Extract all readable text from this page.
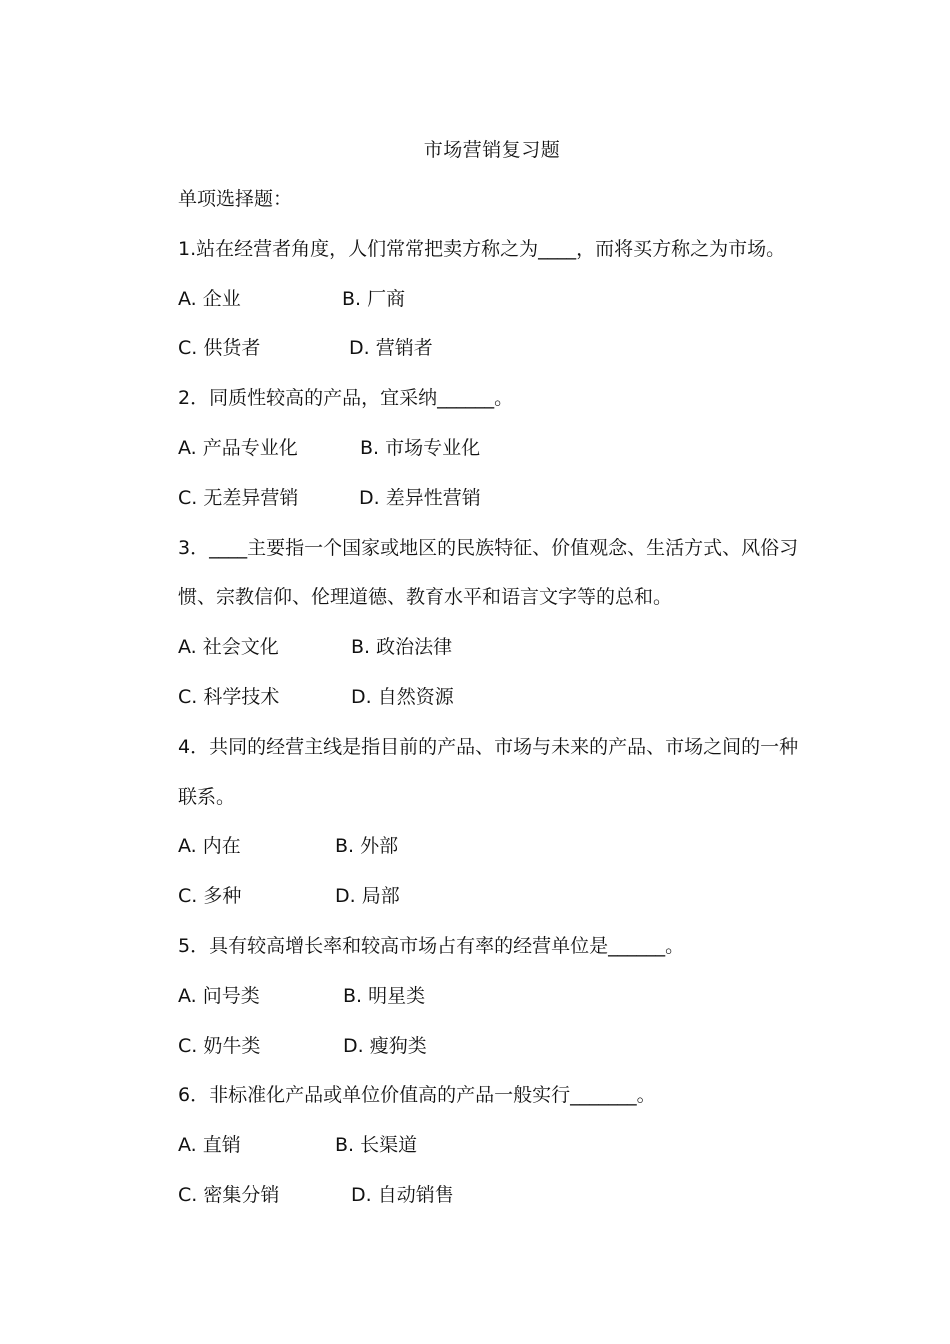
市场营销复习题
单项选择题：
1.站在经营者角度，人们常常把卖方称之为____，而将买方称之为市场。
A. 企业	B. 厂商
C. 供货者	D. 营销者
2．同质性较高的产品，宜采纳______。
A. 产品专业化	B. 市场专业化
C. 无差异营销	D. 差异性营销
3．____主要指一个国家或地区的民族特征、价值观念、生活方式、风俗习
惯、宗教信仰、伦理道德、教育水平和语言文字等的总和。
A. 社会文化	B. 政治法律
C. 科学技术	D. 自然资源
4．共同的经营主线是指目前的产品、市场与未来的产品、市场之间的一种
联系。
A. 内在	B. 外部
C. 多种	D. 局部
5．具有较高增长率和较高市场占有率的经营单位是______。
A. 问号类	B. 明星类
C. 奶牛类	D. 瘦狗类
6．非标准化产品或单位价值高的产品一般实行_______。
A. 直销	B. 长渠道
C. 密集分销	D. 自动销售
